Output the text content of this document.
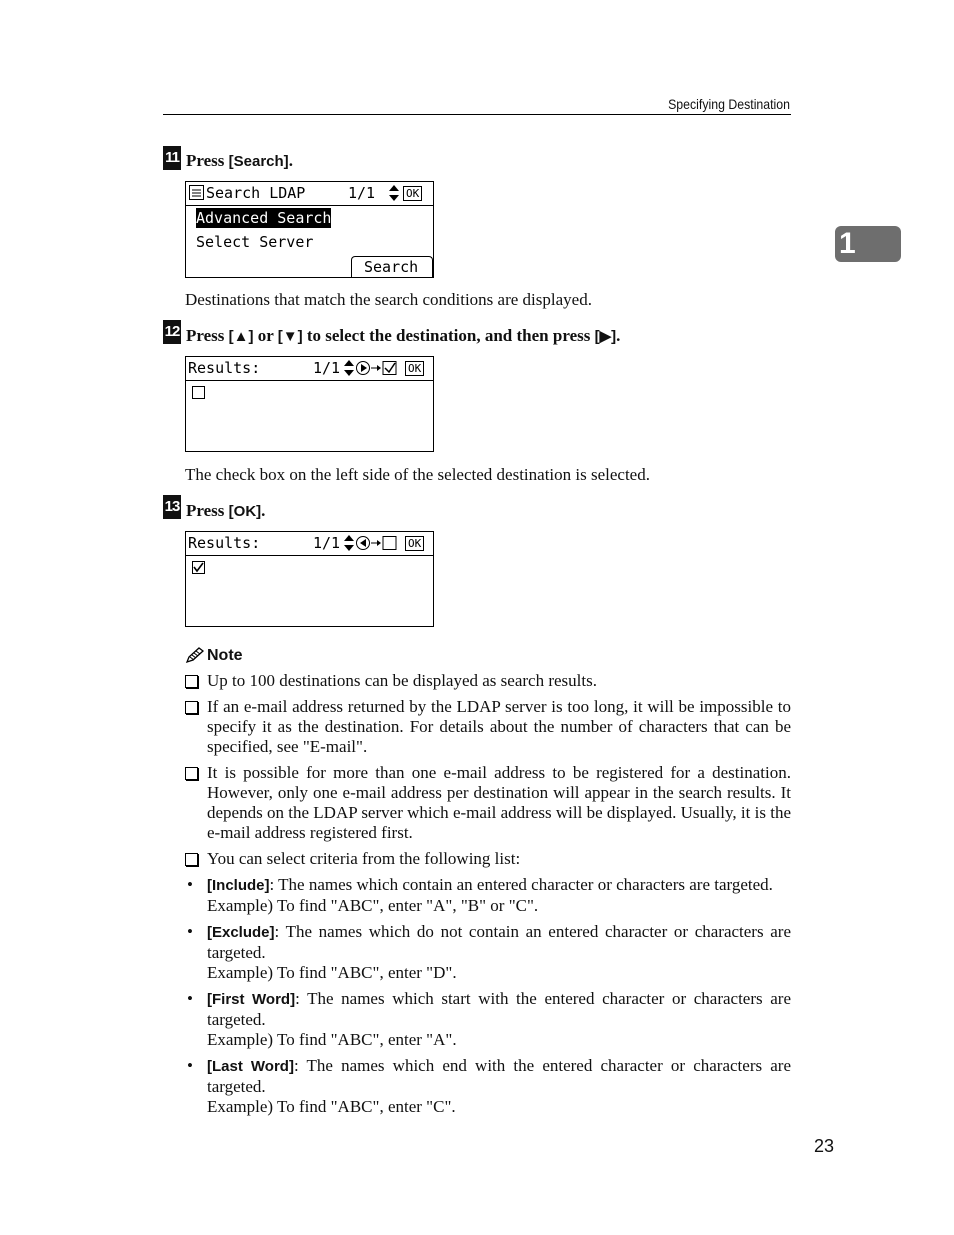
Specifying Destination
1
11 Press [Search].
Search LDAP	1/1	OK
Advanced Search
Select Server
Search
Destinations that match the search conditions are displayed.
12 Press [▲] or [▼] to select the destination, and then press [▶].
Results:	1/1	OK
004 ABC COMPANY
The check box on the left side of the selected destination is selected.
13 Press [OK].
Results:	1/1	OK
004 ABC COMPANY
Note
Up to 100 destinations can be displayed as search results.
If an e-mail address returned by the LDAP server is too long, it will be impossible to specify it as the destination. For details about the number of characters that can be specified, see "E-mail".
It is possible for more than one e-mail address to be registered for a destination. However, only one e-mail address per destination will appear in the search results. It depends on the LDAP server which e-mail address will be displayed. Usually, it is the e-mail address registered first.
You can select criteria from the following list:
• [Include]: The names which contain an entered character or characters are targeted.
Example) To find "ABC", enter "A", "B" or "C".
• [Exclude]: The names which do not contain an entered character or characters are targeted.
Example) To find "ABC", enter "D".
• [First Word]: The names which start with the entered character or characters are targeted.
Example) To find "ABC", enter "A".
• [Last Word]: The names which end with the entered character or characters are targeted.
Example) To find "ABC", enter "C".
23
